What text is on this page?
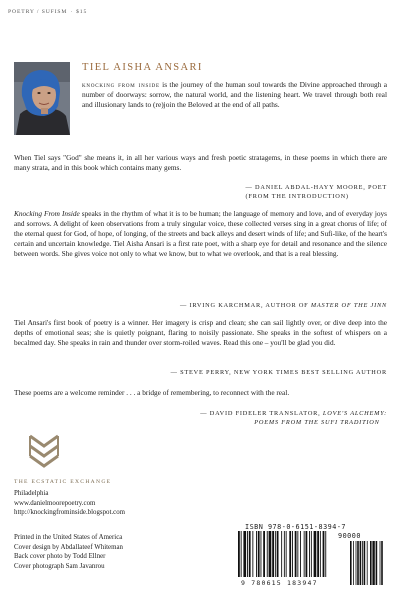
POETRY / SUFISM · $15
TIEL AISHA ANSARI
knocking from inside is the journey of the human soul towards the Divine approached through a number of doorways: sorrow, the natural world, and the listening heart. We travel through both real and illusionary lands to (re)join the Beloved at the end of all paths.
When Tiel says "God" she means it, in all her various ways and fresh poetic stratagems, in these poems in which there are many strata, and in this book which contains many gems.
— DANIEL ABDAL-HAYY MOORE, POET
(FROM THE INTRODUCTION)
Knocking From Inside speaks in the rhythm of what it is to be human; the language of memory and love, and of everyday joys and sorrows. A delight of keen observations from a truly singular voice, these collected verses sing in a great chorus of life; of the eternal quest for God, of hope, of longing, of the streets and back alleys and desert winds of life; and Sufi-like, of the heart's certain and uncertain knowledge. Tiel Aisha Ansari is a first rate poet, with a sharp eye for detail and resonance and the silence between words. She gives voice not only to what we know, but to what we overlook, and that is a real blessing.
— IRVING KARCHMAR, AUTHOR OF MASTER OF THE JINN
Tiel Ansari's first book of poetry is a winner. Her imagery is crisp and clean; she can sail lightly over, or dive deep into the depths of emotional seas; she is quietly poignant, flaring to noisily passionate. She speaks in the softest of whispers on a becalmed day. She speaks in rain and thunder over storm-roiled waves. Read this one – you'll be glad you did.
— STEVE PERRY, NEW YORK TIMES BEST SELLING AUTHOR
These poems are a welcome reminder . . . a bridge of remembering, to reconnect with the real.
— DAVID FIDELER TRANSLATOR, LOVE'S ALCHEMY:
POEMS FROM THE SUFI TRADITION
THE ECSTATIC EXCHANGE
Philadelphia
www.danielmoorepoetry.com
http://knockingfrominside.blogspot.com
Printed in the United States of America
Cover design by Abdallateef Whiteman
Back cover photo by Todd Ellner
Cover photograph Sam Javanrou
ISBN 978-0-6151-8394-7
90000
9 780615 183947
